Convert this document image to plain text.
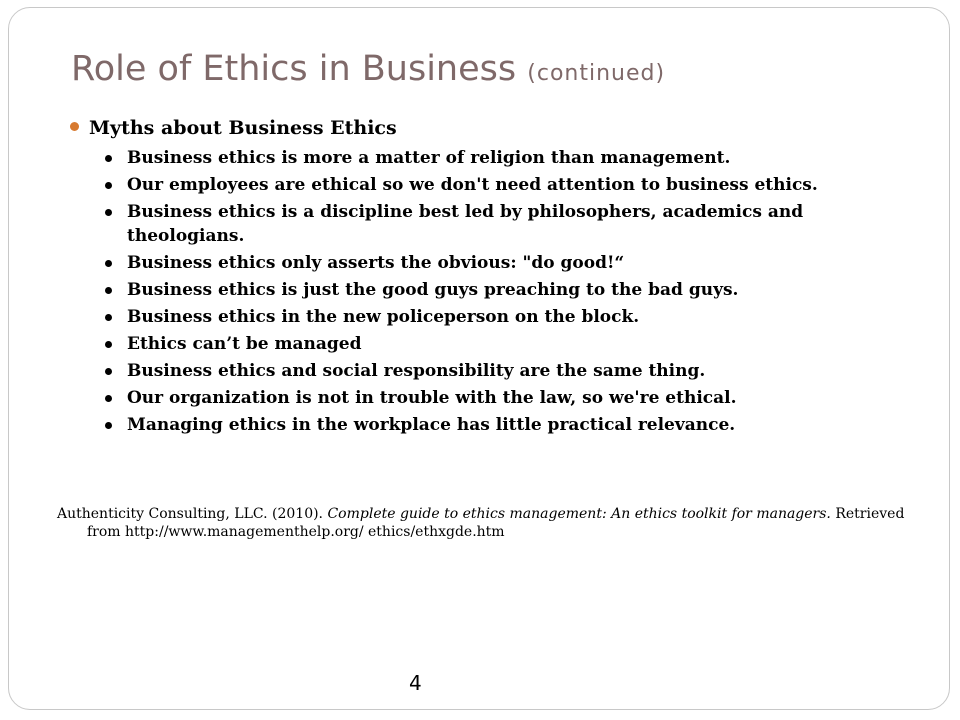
Role of Ethics in Business (continued)
Myths about Business Ethics
Business ethics is more a matter of religion than management.
Our employees are ethical so we don't need attention to business ethics.
Business ethics is a discipline best led by philosophers, academics and theologians.
Business ethics only asserts the obvious: "do good!“
Business ethics is just the good guys preaching to the bad guys.
Business ethics in the new policeperson on the block.
Ethics can’t be managed
Business ethics and social responsibility are the same thing.
Our organization is not in trouble with the law, so we're ethical.
Managing ethics in the workplace has little practical relevance.
Authenticity Consulting, LLC. (2010). Complete guide to ethics management: An ethics toolkit for managers. Retrieved
from http://www.managementhelp.org/ ethics/ethxgde.htm
4
